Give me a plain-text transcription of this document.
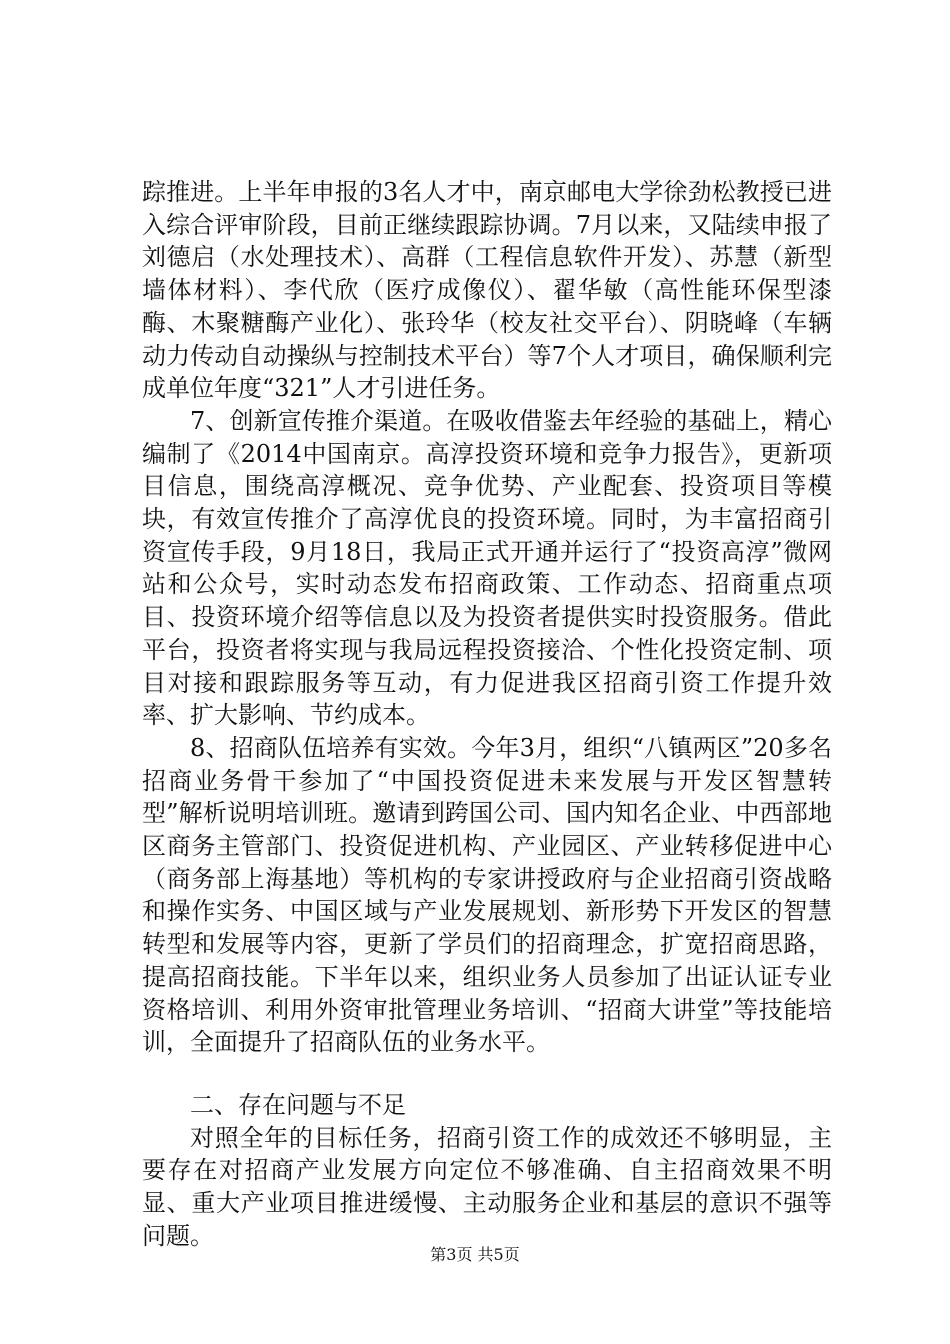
踪推进。上半年申报的3名人才中，南京邮电大学徐劲松教授已进入综合评审阶段，目前正继续跟踪协调。7月以来，又陆续申报了刘德启（水处理技术）、高群（工程信息软件开发）、苏慧（新型墙体材料）、李代欣（医疗成像仪）、翟华敏（高性能环保型漆酶、木聚糖酶产业化）、张玲华（校友社交平台）、阴晓峰（车辆动力传动自动操纵与控制技术平台）等7个人才项目，确保顺利完成单位年度“321”人才引进任务。

7、创新宣传推介渠道。在吸收借鉴去年经验的基础上，精心编制了《2014中国南京。高淳投资环境和竞争力报告》，更新项目信息，围绕高淳概况、竞争优势、产业配套、投资项目等模块，有效宣传推介了高淳优良的投资环境。同时，为丰富招商引资宣传手段，9月18日，我局正式开通并运行了“投资高淳”微网站和公众号，实时动态发布招商政策、工作动态、招商重点项目、投资环境介绍等信息以及为投资者提供实时投资服务。借此平台，投资者将实现与我局远程投资接洽、个性化投资定制、项目对接和跟踪服务等互动，有力促进我区招商引资工作提升效率、扩大影响、节约成本。

8、招商队伍培养有实效。今年3月，组织“八镇两区”20多名招商业务骨干参加了“中国投资促进未来发展与开发区智慧转型”解析说明培训班。邀请到跨国公司、国内知名企业、中西部地区商务主管部门、投资促进机构、产业园区、产业转移促进中心（商务部上海基地）等机构的专家讲授政府与企业招商引资战略和操作实务、中国区域与产业发展规划、新形势下开发区的智慧转型和发展等内容，更新了学员们的招商理念，扩宽招商思路，提高招商技能。下半年以来，组织业务人员参加了出证认证专业资格培训、利用外资审批管理业务培训、“招商大讲堂”等技能培训，全面提升了招商队伍的业务水平。

二、存在问题与不足

对照全年的目标任务，招商引资工作的成效还不够明显，主要存在对招商产业发展方向定位不够准确、自主招商效果不明显、重大产业项目推进缓慢、主动服务企业和基层的意识不强等问题。

第3页 共5页
